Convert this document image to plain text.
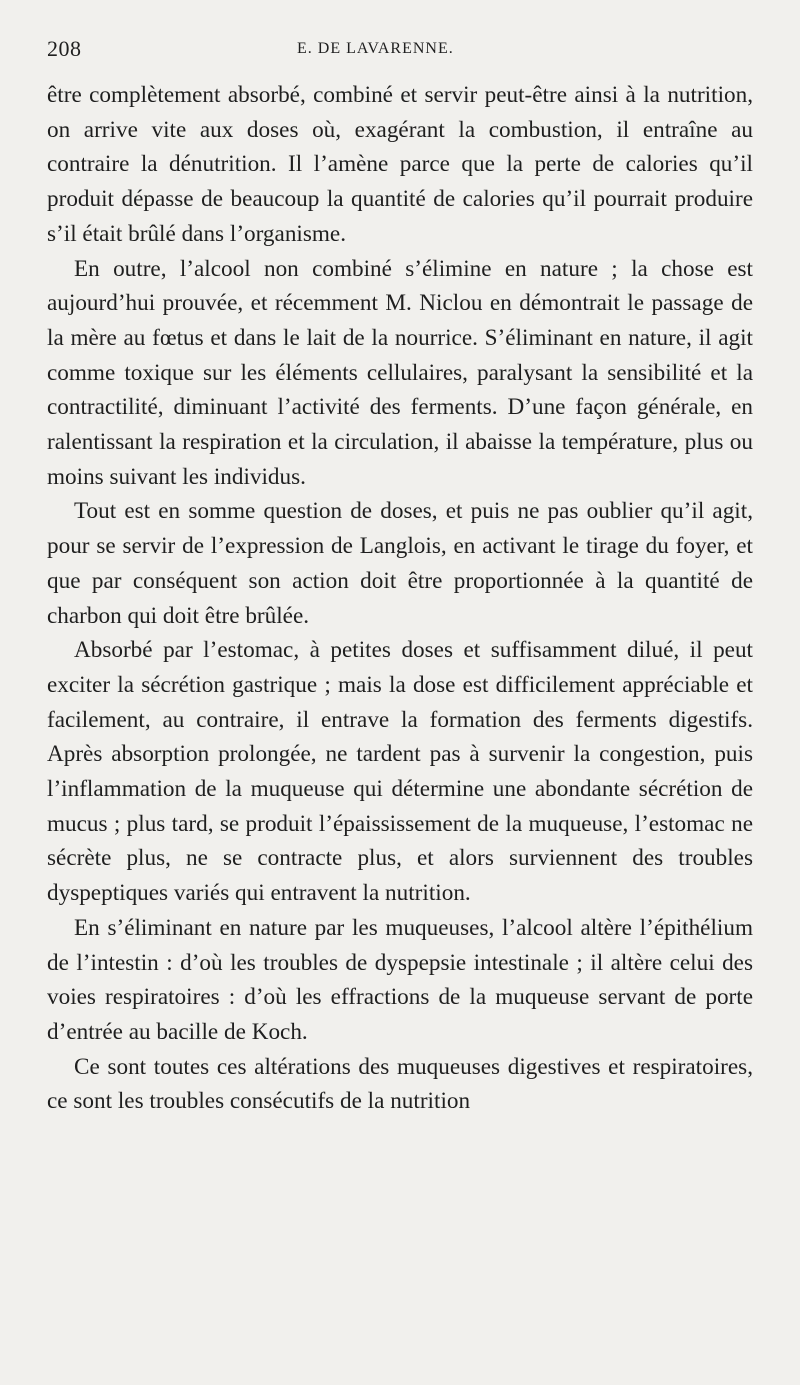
208	E. DE LAVARENNE.

être complètement absorbé, combiné et servir peut-être ainsi à la nutrition, on arrive vite aux doses où, exagérant la combustion, il entraîne au contraire la dénutrition. Il l’amène parce que la perte de calories qu’il produit dépasse de beaucoup la quantité de calories qu’il pourrait produire s’il était brûlé dans l’organisme.

En outre, l’alcool non combiné s’élimine en nature ; la chose est aujourd’hui prouvée, et récemment M. Niclou en démontrait le passage de la mère au fœtus et dans le lait de la nourrice. S’éliminant en nature, il agit comme toxique sur les éléments cellulaires, paralysant la sensibilité et la contractilité, diminuant l’activité des ferments. D’une façon générale, en ralentissant la respiration et la circulation, il abaisse la température, plus ou moins suivant les individus.

Tout est en somme question de doses, et puis ne pas oublier qu’il agit, pour se servir de l’expression de Langlois, en activant le tirage du foyer, et que par conséquent son action doit être proportionnée à la quantité de charbon qui doit être brûlée.

Absorbé par l’estomac, à petites doses et suffisamment dilué, il peut exciter la sécrétion gastrique ; mais la dose est difficilement appréciable et facilement, au contraire, il entrave la formation des ferments digestifs. Après absorption prolongée, ne tardent pas à survenir la congestion, puis l’inflammation de la muqueuse qui détermine une abondante sécrétion de mucus ; plus tard, se produit l’épaississement de la muqueuse, l’estomac ne sécrète plus, ne se contracte plus, et alors surviennent des troubles dyspeptiques variés qui entravent la nutrition.

En s’éliminant en nature par les muqueuses, l’alcool altère l’épithélium de l’intestin : d’où les troubles de dyspepsie intestinale ; il altère celui des voies respiratoires : d’où les effractions de la muqueuse servant de porte d’entrée au bacille de Koch.

Ce sont toutes ces altérations des muqueuses digestives et respiratoires, ce sont les troubles consécutifs de la nutrition
